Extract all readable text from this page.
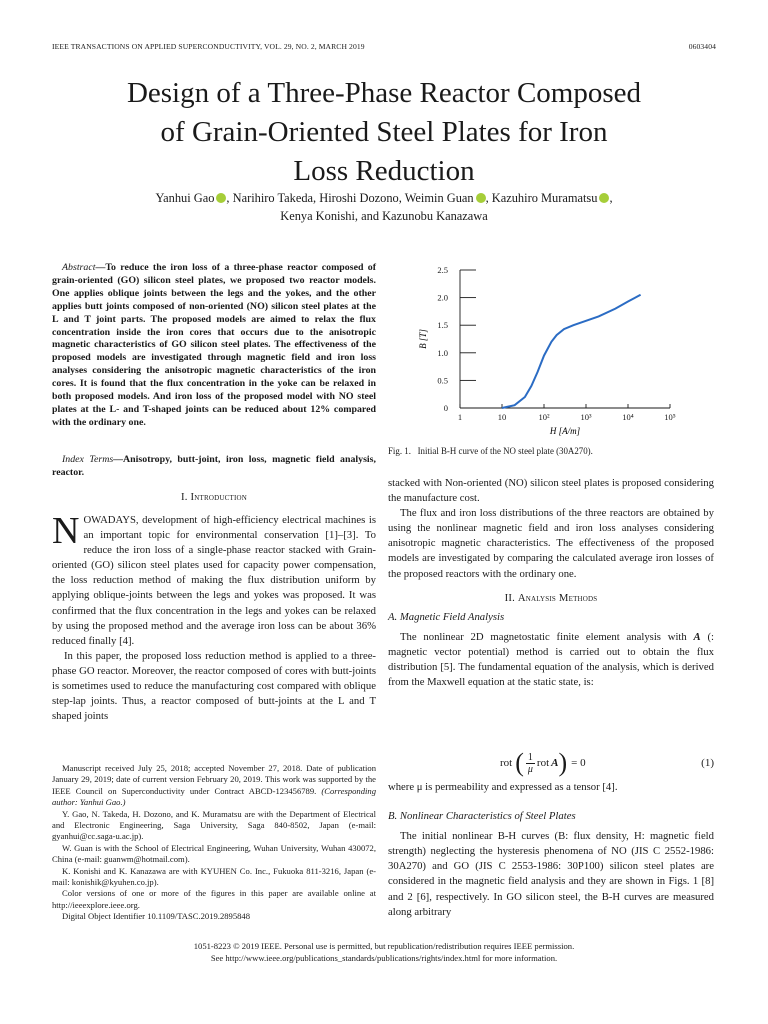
IEEE TRANSACTIONS ON APPLIED SUPERCONDUCTIVITY, VOL. 29, NO. 2, MARCH 2019	0603404
Design of a Three-Phase Reactor Composed
of Grain-Oriented Steel Plates for Iron
Loss Reduction
Yanhui Gao , Narihiro Takeda, Hiroshi Dozono, Weimin Guan , Kazuhiro Muramatsu ,
Kenya Konishi, and Kazunobu Kanazawa
Abstract—To reduce the iron loss of a three-phase reactor composed of grain-oriented (GO) silicon steel plates, we proposed two reactor models. One applies oblique joints between the legs and the yokes, and the other applies butt joints composed of non-oriented (NO) silicon steel plates at the L and T joint parts. The proposed models are aimed to relax the flux concentration inside the iron cores that occurs due to the anisotropic magnetic characteristics of GO silicon steel plates. The effectiveness of the proposed models are investigated through magnetic field and iron loss analyses considering the anisotropic magnetic characteristics of the iron cores. It is found that the flux concentration in the yoke can be relaxed in both proposed models. And iron loss of the proposed model with NO steel plates at the L- and T-shaped joints can be reduced about 12% compared with the ordinary one.
Index Terms—Anisotropy, butt-joint, iron loss, magnetic field analysis, reactor.
I. Introduction

NOWADAYS, development of high-efficiency electrical machines is an important topic for environmental conservation [1]–[3]. To reduce the iron loss of a single-phase reactor stacked with Grain-oriented (GO) silicon steel plates used for capacity power compensation, the loss reduction method of making the flux distribution uniform by applying oblique-joints between the legs and yokes was proposed. It was confirmed that the flux concentration in the legs and yokes can be relaxed by using the proposed method and the average iron loss can be about 36% reduced finally [4].

In this paper, the proposed loss reduction method is applied to a three-phase GO reactor. Moreover, the reactor composed of cores with butt-joints is sometimes used to reduce the manufacturing cost compared with oblique step-lap joints. Thus, a reactor composed of butt-joints at the L and T shaped joints

Manuscript received July 25, 2018; accepted November 27, 2018. Date of publication January 29, 2019; date of current version February 20, 2019. This work was supported by the IEEE Council on Superconductivity under Contract ABCD-123456789. (Corresponding author: Yanhui Gao.)

Y. Gao, N. Takeda, H. Dozono, and K. Muramatsu are with the Department of Electrical and Electronic Engineering, Saga University, Saga 840-8502, Japan (e-mail: gyanhui@cc.saga-u.ac.jp).

W. Guan is with the School of Electrical Engineering, Wuhan University, Wuhan 430072, China (e-mail: guanwm@hotmail.com).

K. Konishi and K. Kanazawa are with KYUHEN Co. Inc., Fukuoka 811-3216, Japan (e-mail: konishik@kyuhen.co.jp).

Color versions of one or more of the figures in this paper are available online at http://ieeexplore.ieee.org.

Digital Object Identifier 10.1109/TASC.2019.2895848

0
0.5
1.0
1.5
2.0
2.5
1	10	10²	10³	10⁴	10⁵
H [A/m]
B [T]
Fig. 1. Initial B-H curve of the NO steel plate (30A270).

stacked with Non-oriented (NO) silicon steel plates is proposed considering the manufacture cost.

The flux and iron loss distributions of the three reactors are obtained by using the nonlinear magnetic field and iron loss analyses considering anisotropic magnetic characteristics. The effectiveness of the proposed models are investigated by comparing the calculated average iron losses of the proposed reactors with the ordinary one.

II. Analysis Methods
A. Magnetic Field Analysis

The nonlinear 2D magnetostatic finite element analysis with A (: magnetic vector potential) method is carried out to obtain the flux distribution [5]. The fundamental equation of the analysis, which is derived from the Maxwell equation at the static state, is:

rot ( $\frac{1}{\mu}$ rot A ) = 0	(1)

where μ is permeability and expressed as a tensor [4].

B. Nonlinear Characteristics of Steel Plates

The initial nonlinear B-H curves (B: flux density, H: magnetic field strength) neglecting the hysteresis phenomena of NO (JIS C 2552-1986: 30A270) and GO (JIS C 2553-1986: 30P100) silicon steel plates are considered in the magnetic field analysis and they are shown in Figs. 1 [8] and 2 [6], respectively. In GO silicon steel, the B-H curves are measured along arbitrary

1051-8223 © 2019 IEEE. Personal use is permitted, but republication/redistribution requires IEEE permission.
See http://www.ieee.org/publications_standards/publications/rights/index.html for more information.
